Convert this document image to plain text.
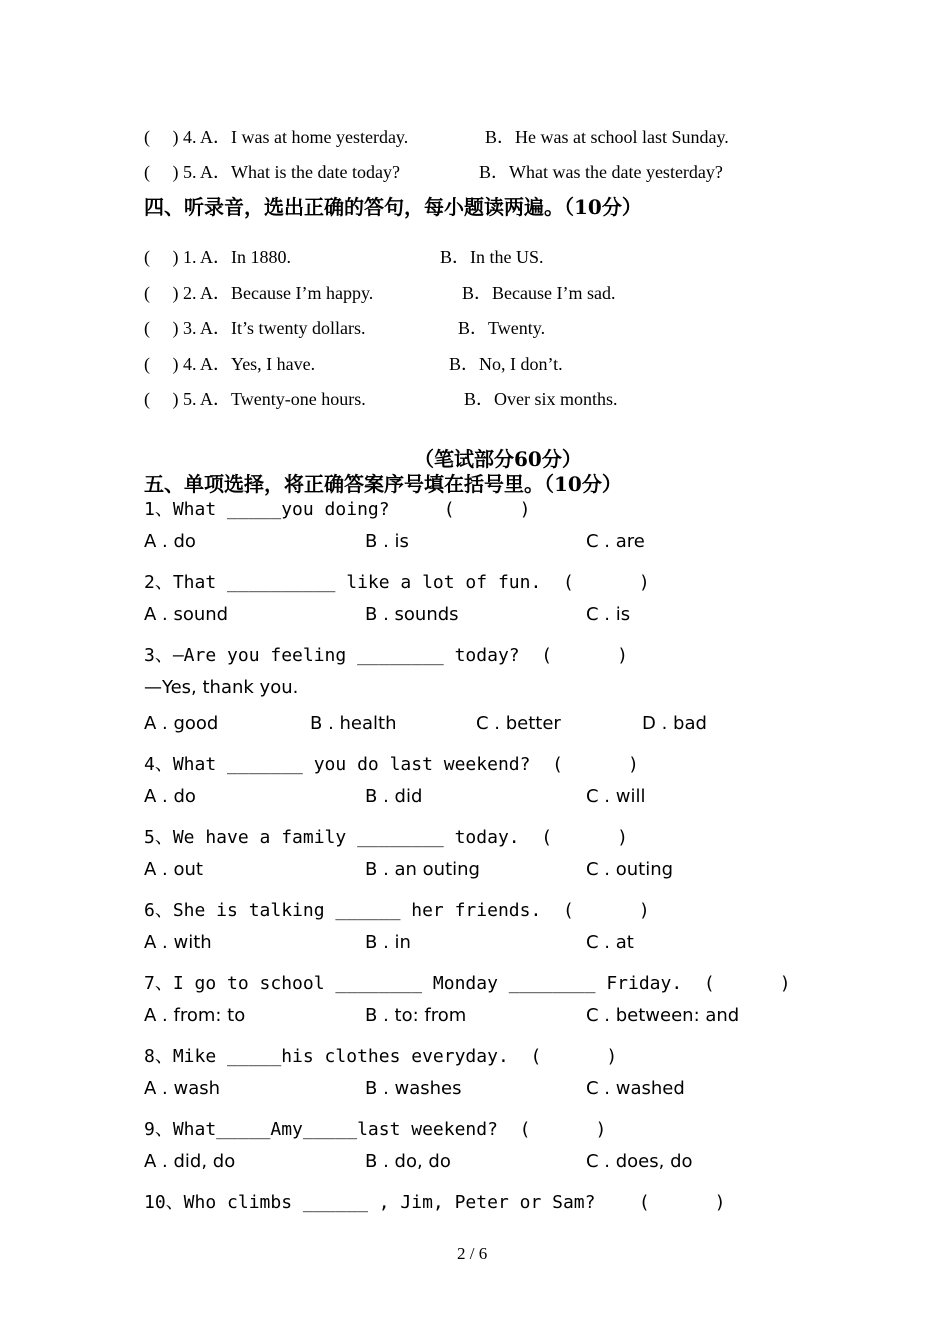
(     ) 4. A．I was at home yesterday.	B．He was at school last Sunday.
(     ) 5. A．What is the date today?	B．What was the date yesterday?
四、听录音，选出正确的答句，每小题读两遍。（10分）
(     ) 1. A．In 1880.	B．In the US.
(     ) 2. A．Because I’m happy.	B．Because I’m sad.
(     ) 3. A．It’s twenty dollars.	B．Twenty.
(     ) 4. A．Yes, I have.	B．No, I don’t.
(     ) 5. A．Twenty-one hours.	B．Over six months.
（笔试部分60分）
五、单项选择，将正确答案序号填在括号里。（10分）
1、What _____you doing?     (      )
A . do	B . is	C . are
2、That __________ like a lot of fun.  (      )
A . sound	B . sounds	C . is
3、—Are you feeling ________ today?  (      )
—Yes, thank you.
A . good	B . health	C . better	D . bad
4、What _______ you do last weekend?  (      )
A . do	B . did	C . will
5、We have a family ________ today.  (      )
A . out	B . an outing	C . outing
6、She is talking ______ her friends.  (      )
A . with	B . in	C . at
7、I go to school ________ Monday ________ Friday.  (      )
A . from: to	B . to: from	C . between: and
8、Mike _____his clothes everyday.  (      )
A . wash	B . washes	C . washed
9、What_____Amy_____last weekend?  (      )
A . did, do	B . do, do	C . does, do
10、Who climbs ______ , Jim, Peter or Sam?    (      )
2 / 6
